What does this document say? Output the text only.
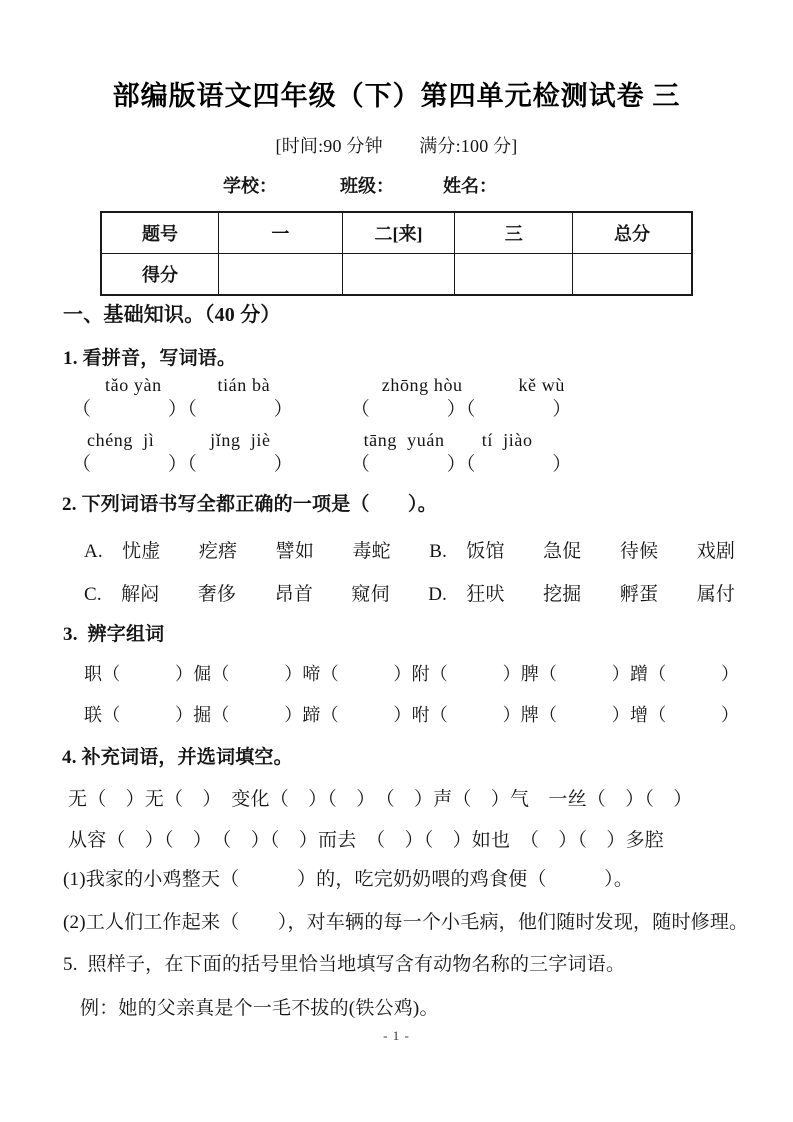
部编版语文四年级（下）第四单元检测试卷 三
[时间:90 分钟　　满分:100 分]
学校：	班级：	姓名：
题号	一	二[来]	三	总分
得分				
一、基础知识。（40 分）
1. 看拼音，写词语。
tǎo yàn　　　tián bà　　　　　　zhōng hòu　　　kě wù
（　　　　）（　　　　）　　　　（　　　　）（　　　　）
chéng  jì　　　jǐng  jiè　　　　　tāng  yuán　　tí  jiào
（　　　　）（　　　　）　　　　（　　　　）（　　　　）
2. 下列词语书写全都正确的一项是（　　）。
A.　忧虚　　疙瘩　　譬如　　毒蛇　　B.　饭馆　　急促　　待候　　戏剧
C.　解闷　　奢侈　　昂首　　窥伺　　D.　狂吠　　挖掘　　孵蛋　　属付
3.  辨字组词
职（　　　）倔（　　　）啼（　　　）附（　　　）脾（　　　）蹭（　　　）
联（　　　）掘（　　　）蹄（　　　）咐（　　　）牌（　　　）增（　　　）
4. 补充词语，并选词填空。
无（　）无（　）　变化（　）（　）　（　）声（　）气　一丝（　）（　）
从容（　）（　）　（　）（　）而去　（　）（　）如也　（　）（　）多腔
(1)我家的小鸡整天（　　　）的，吃完奶奶喂的鸡食便（　　　）。
(2)工人们工作起来（　　），对车辆的每一个小毛病，他们随时发现，随时修理。
5.  照样子，在下面的括号里恰当地填写含有动物名称的三字词语。
例：她的父亲真是个一毛不拔的(铁公鸡)。
- 1 -
